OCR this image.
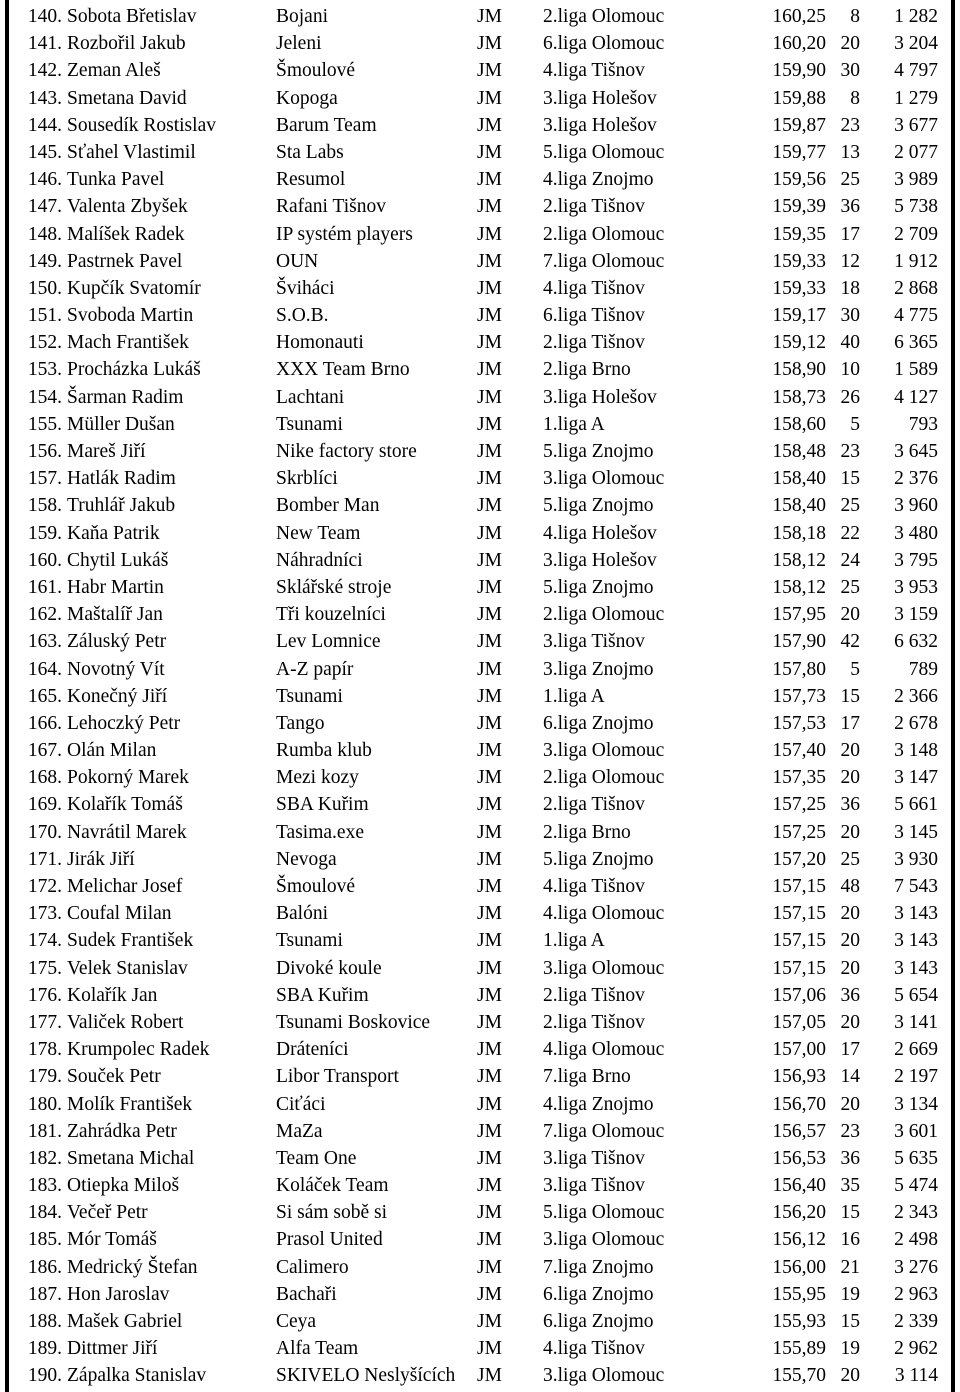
140. Sobota Břetislav	Bojani	JM 2.liga Olomouc	160,25	8	1 282
141. Rozbořil Jakub	Jeleni	JM 6.liga Olomouc	160,20 20	3 204
142. Zeman Aleš	Šmoulové	JM 4.liga Tišnov	159,90 30	4 797
143. Smetana David	Kopoga	JM 3.liga Holešov	159,88	8	1 279
144. Sousedík Rostislav	Barum Team	JM 3.liga Holešov	159,87 23	3 677
145. Sťahel Vlastimil	Sta Labs	JM 5.liga Olomouc	159,77 13	2 077
146. Tunka Pavel	Resumol	JM 4.liga Znojmo	159,56 25	3 989
147. Valenta Zbyšek	Rafani Tišnov	JM 2.liga Tišnov	159,39 36	5 738
148. Malíšek Radek	IP systém players	JM 2.liga Olomouc	159,35 17	2 709
149. Pastrnek Pavel	OUN	JM 7.liga Olomouc	159,33 12	1 912
150. Kupčík Svatomír	Šviháci	JM 4.liga Tišnov	159,33 18	2 868
151. Svoboda Martin	S.O.B.	JM 6.liga Tišnov	159,17 30	4 775
152. Mach František	Homonauti	JM 2.liga Tišnov	159,12 40	6 365
153. Procházka Lukáš	XXX Team Brno	JM 2.liga Brno	158,90 10	1 589
154. Šarman Radim	Lachtani	JM 3.liga Holešov	158,73 26	4 127
155. Müller Dušan	Tsunami	JM 1.liga A	158,60	5	793
156. Mareš Jiří	Nike factory store	JM 5.liga Znojmo	158,48 23	3 645
157. Hatlák Radim	Skrblíci	JM 3.liga Olomouc	158,40 15	2 376
158. Truhlář Jakub	Bomber Man	JM 5.liga Znojmo	158,40 25	3 960
159. Kaňa Patrik	New Team	JM 4.liga Holešov	158,18 22	3 480
160. Chytil Lukáš	Náhradníci	JM 3.liga Holešov	158,12 24	3 795
161. Habr Martin	Sklářské stroje	JM 5.liga Znojmo	158,12 25	3 953
162. Maštalíř Jan	Tři kouzelníci	JM 2.liga Olomouc	157,95 20	3 159
163. Záluský Petr	Lev Lomnice	JM 3.liga Tišnov	157,90 42	6 632
164. Novotný Vít	A-Z papír	JM 3.liga Znojmo	157,80	5	789
165. Konečný Jiří	Tsunami	JM 1.liga A	157,73 15	2 366
166. Lehoczký Petr	Tango	JM 6.liga Znojmo	157,53 17	2 678
167. Olán Milan	Rumba klub	JM 3.liga Olomouc	157,40 20	3 148
168. Pokorný Marek	Mezi kozy	JM 2.liga Olomouc	157,35 20	3 147
169. Kolařík Tomáš	SBA Kuřim	JM 2.liga Tišnov	157,25 36	5 661
170. Navrátil Marek	Tasima.exe	JM 2.liga Brno	157,25 20	3 145
171. Jirák Jiří	Nevoga	JM 5.liga Znojmo	157,20 25	3 930
172. Melichar Josef	Šmoulové	JM 4.liga Tišnov	157,15 48	7 543
173. Coufal Milan	Balóni	JM 4.liga Olomouc	157,15 20	3 143
174. Sudek František	Tsunami	JM 1.liga A	157,15 20	3 143
175. Velek Stanislav	Divoké koule	JM 3.liga Olomouc	157,15 20	3 143
176. Kolařík Jan	SBA Kuřim	JM 2.liga Tišnov	157,06 36	5 654
177. Valiček Robert	Tsunami Boskovice JM 2.liga Tišnov	157,05 20	3 141
178. Krumpolec Radek	Dráteníci	JM 4.liga Olomouc	157,00 17	2 669
179. Souček Petr	Libor Transport	JM 7.liga Brno	156,93 14	2 197
180. Molík František	Ciťáci	JM 4.liga Znojmo	156,70 20	3 134
181. Zahrádka Petr	MaZa	JM 7.liga Olomouc	156,57 23	3 601
182. Smetana Michal	Team One	JM 3.liga Tišnov	156,53 36	5 635
183. Otiepka Miloš	Koláček Team	JM 3.liga Tišnov	156,40 35	5 474
184. Večeř Petr	Si sám sobě si	JM 5.liga Olomouc	156,20 15	2 343
185. Mór Tomáš	Prasol United	JM 3.liga Olomouc	156,12 16	2 498
186. Medrický Štefan	Calimero	JM 7.liga Znojmo	156,00 21	3 276
187. Hon Jaroslav	Bachaři	JM 6.liga Znojmo	155,95 19	2 963
188. Mašek Gabriel	Ceya	JM 6.liga Znojmo	155,93 15	2 339
189. Dittmer Jiří	Alfa Team	JM 4.liga Tišnov	155,89 19	2 962
190. Zápalka Stanislav	SKIVELO Neslyšících JM 3.liga Olomouc	155,70 20	3 114
